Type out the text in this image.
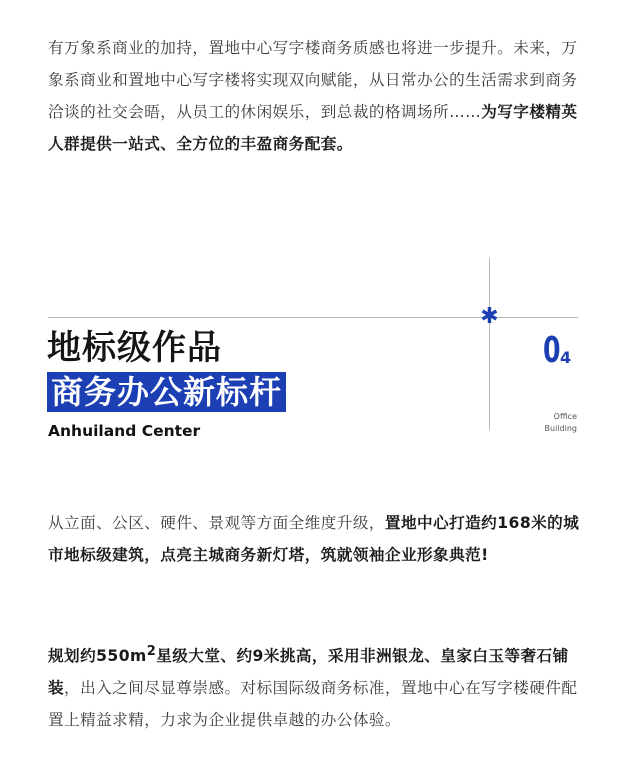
有万象系商业的加持，置地中心写字楼商务质感也将进一步提升。未来，万象系商业和置地中心写字楼将实现双向赋能，从日常办公的生活需求到商务洽谈的社交会晤，从员工的休闲娱乐，到总裁的格调场所……为写字楼精英人群提供一站式、全方位的丰盈商务配套。

✱
地标级作品
商务办公新标杆
Anhuiland Center
0 4
Office
Building

从立面、公区、硬件、景观等方面全维度升级，置地中心打造约168米的城市地标级建筑，点亮主城商务新灯塔，筑就领袖企业形象典范!

规划约$550m^2$星级大堂、约9米挑高，采用非洲银龙、皇家白玉等奢石铺装，出入之间尽显尊崇感。对标国际级商务标准，置地中心在写字楼硬件配置上精益求精，力求为企业提供卓越的办公体验。
